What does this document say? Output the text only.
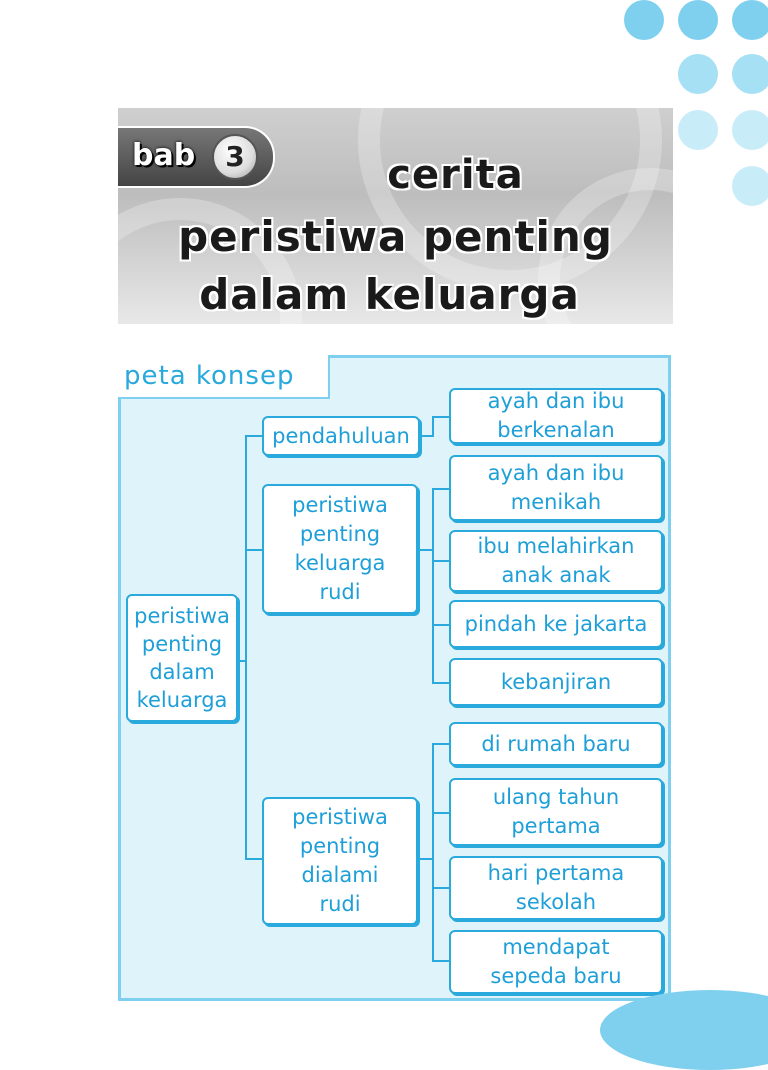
bab	3	cerita
peristiwa penting
dalam keluarga
peta konsep
peristiwa
penting
dalam
keluarga
pendahuluan
peristiwa
penting
keluarga
rudi
peristiwa
penting
dialami
rudi
ayah dan ibu
berkenalan
ayah dan ibu
menikah
ibu melahirkan
anak anak
pindah ke jakarta
kebanjiran
di rumah baru
ulang tahun
pertama
hari pertama
sekolah
mendapat
sepeda baru
